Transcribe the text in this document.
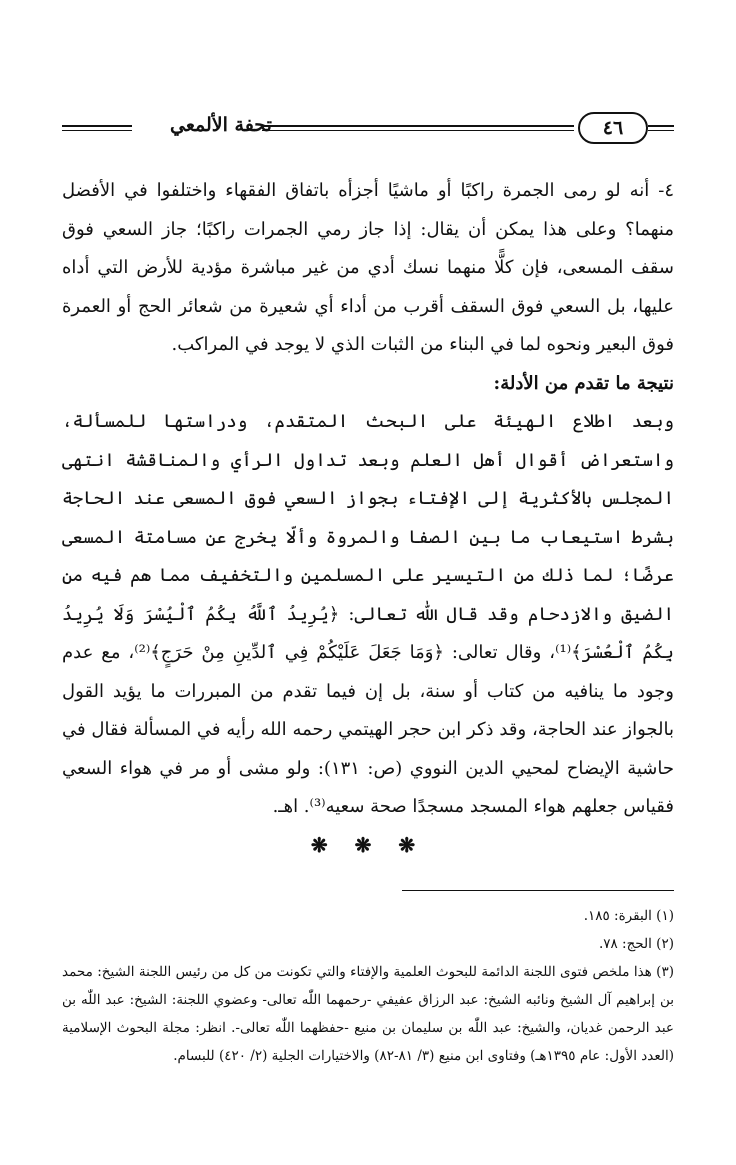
تحفة الألمعي	٤٦

٤- أنه لو رمى الجمرة راكبًا أو ماشيًا أجزأه باتفاق الفقهاء واختلفوا في الأفضل منهما؟ وعلى هذا يمكن أن يقال: إذا جاز رمي الجمرات راكبًا؛ جاز السعي فوق سقف المسعى، فإن كلًّا منهما نسك أدي من غير مباشرة مؤدية للأرض التي أداه عليها، بل السعي فوق السقف أقرب من أداء أي شعيرة من شعائر الحج أو العمرة فوق البعير ونحوه لما في البناء من الثبات الذي لا يوجد في المراكب.

نتيجة ما تقدم من الأدلة:

وبعد اطلاع الهيئة على البحث المتقدم، ودراستها للمسألة، واستعراض أقوال أهل العلم وبعد تداول الرأي والمناقشة انتهى المجلس بالأكثرية إلى الإفتاء بجواز السعي فوق المسعى عند الحاجة بشرط استيعاب ما بين الصفا والمروة وألّا يخرج عن مسامتة المسعى عرضًا؛ لما ذلك من التيسير على المسلمين والتخفيف مما هم فيه من الضيق والازدحام وقد قال اللّٰه تعالى: ﴿يُرِيدُ ٱللَّهُ بِكُمُ ٱلْيُسْرَ وَلَا يُرِيدُ بِكُمُ ٱلْعُسْرَ﴾⁽¹⁾، وقال تعالى: ﴿وَمَا جَعَلَ عَلَيْكُمْ فِي ٱلدِّينِ مِنْ حَرَجٍ﴾⁽²⁾، مع عدم وجود ما ينافيه من كتاب أو سنة، بل إن فيما تقدم من المبررات ما يؤيد القول بالجواز عند الحاجة، وقد ذكر ابن حجر الهيتمي رحمه الله رأيه في المسألة فقال في حاشية الإيضاح لمحيي الدين النووي (ص: ١٣١): ولو مشى أو مر في هواء السعي فقياس جعلهم هواء المسجد مسجدًا صحة سعيه⁽³⁾. اهـ.

❋ ❋ ❋

(١) البقرة: ١٨٥.

(٢) الحج: ٧٨.

(٣) هذا ملخص فتوى اللجنة الدائمة للبحوث العلمية والإفتاء والتي تكونت من كل من رئيس اللجنة الشيخ: محمد بن إبراهيم آل الشيخ ونائبه الشيخ: عبد الرزاق عفيفي -رحمهما اللّٰه تعالى- وعضوي اللجنة: الشيخ: عبد اللّٰه بن عبد الرحمن غديان، والشيخ: عبد اللّٰه بن سليمان بن منيع -حفظهما اللّٰه تعالى-. انظر: مجلة البحوث الإسلامية (العدد الأول: عام ١٣٩٥هـ) وفتاوى ابن منيع (٣/ ٨١-٨٢) والاختيارات الجلية (٢/ ٤٢٠) للبسام.
